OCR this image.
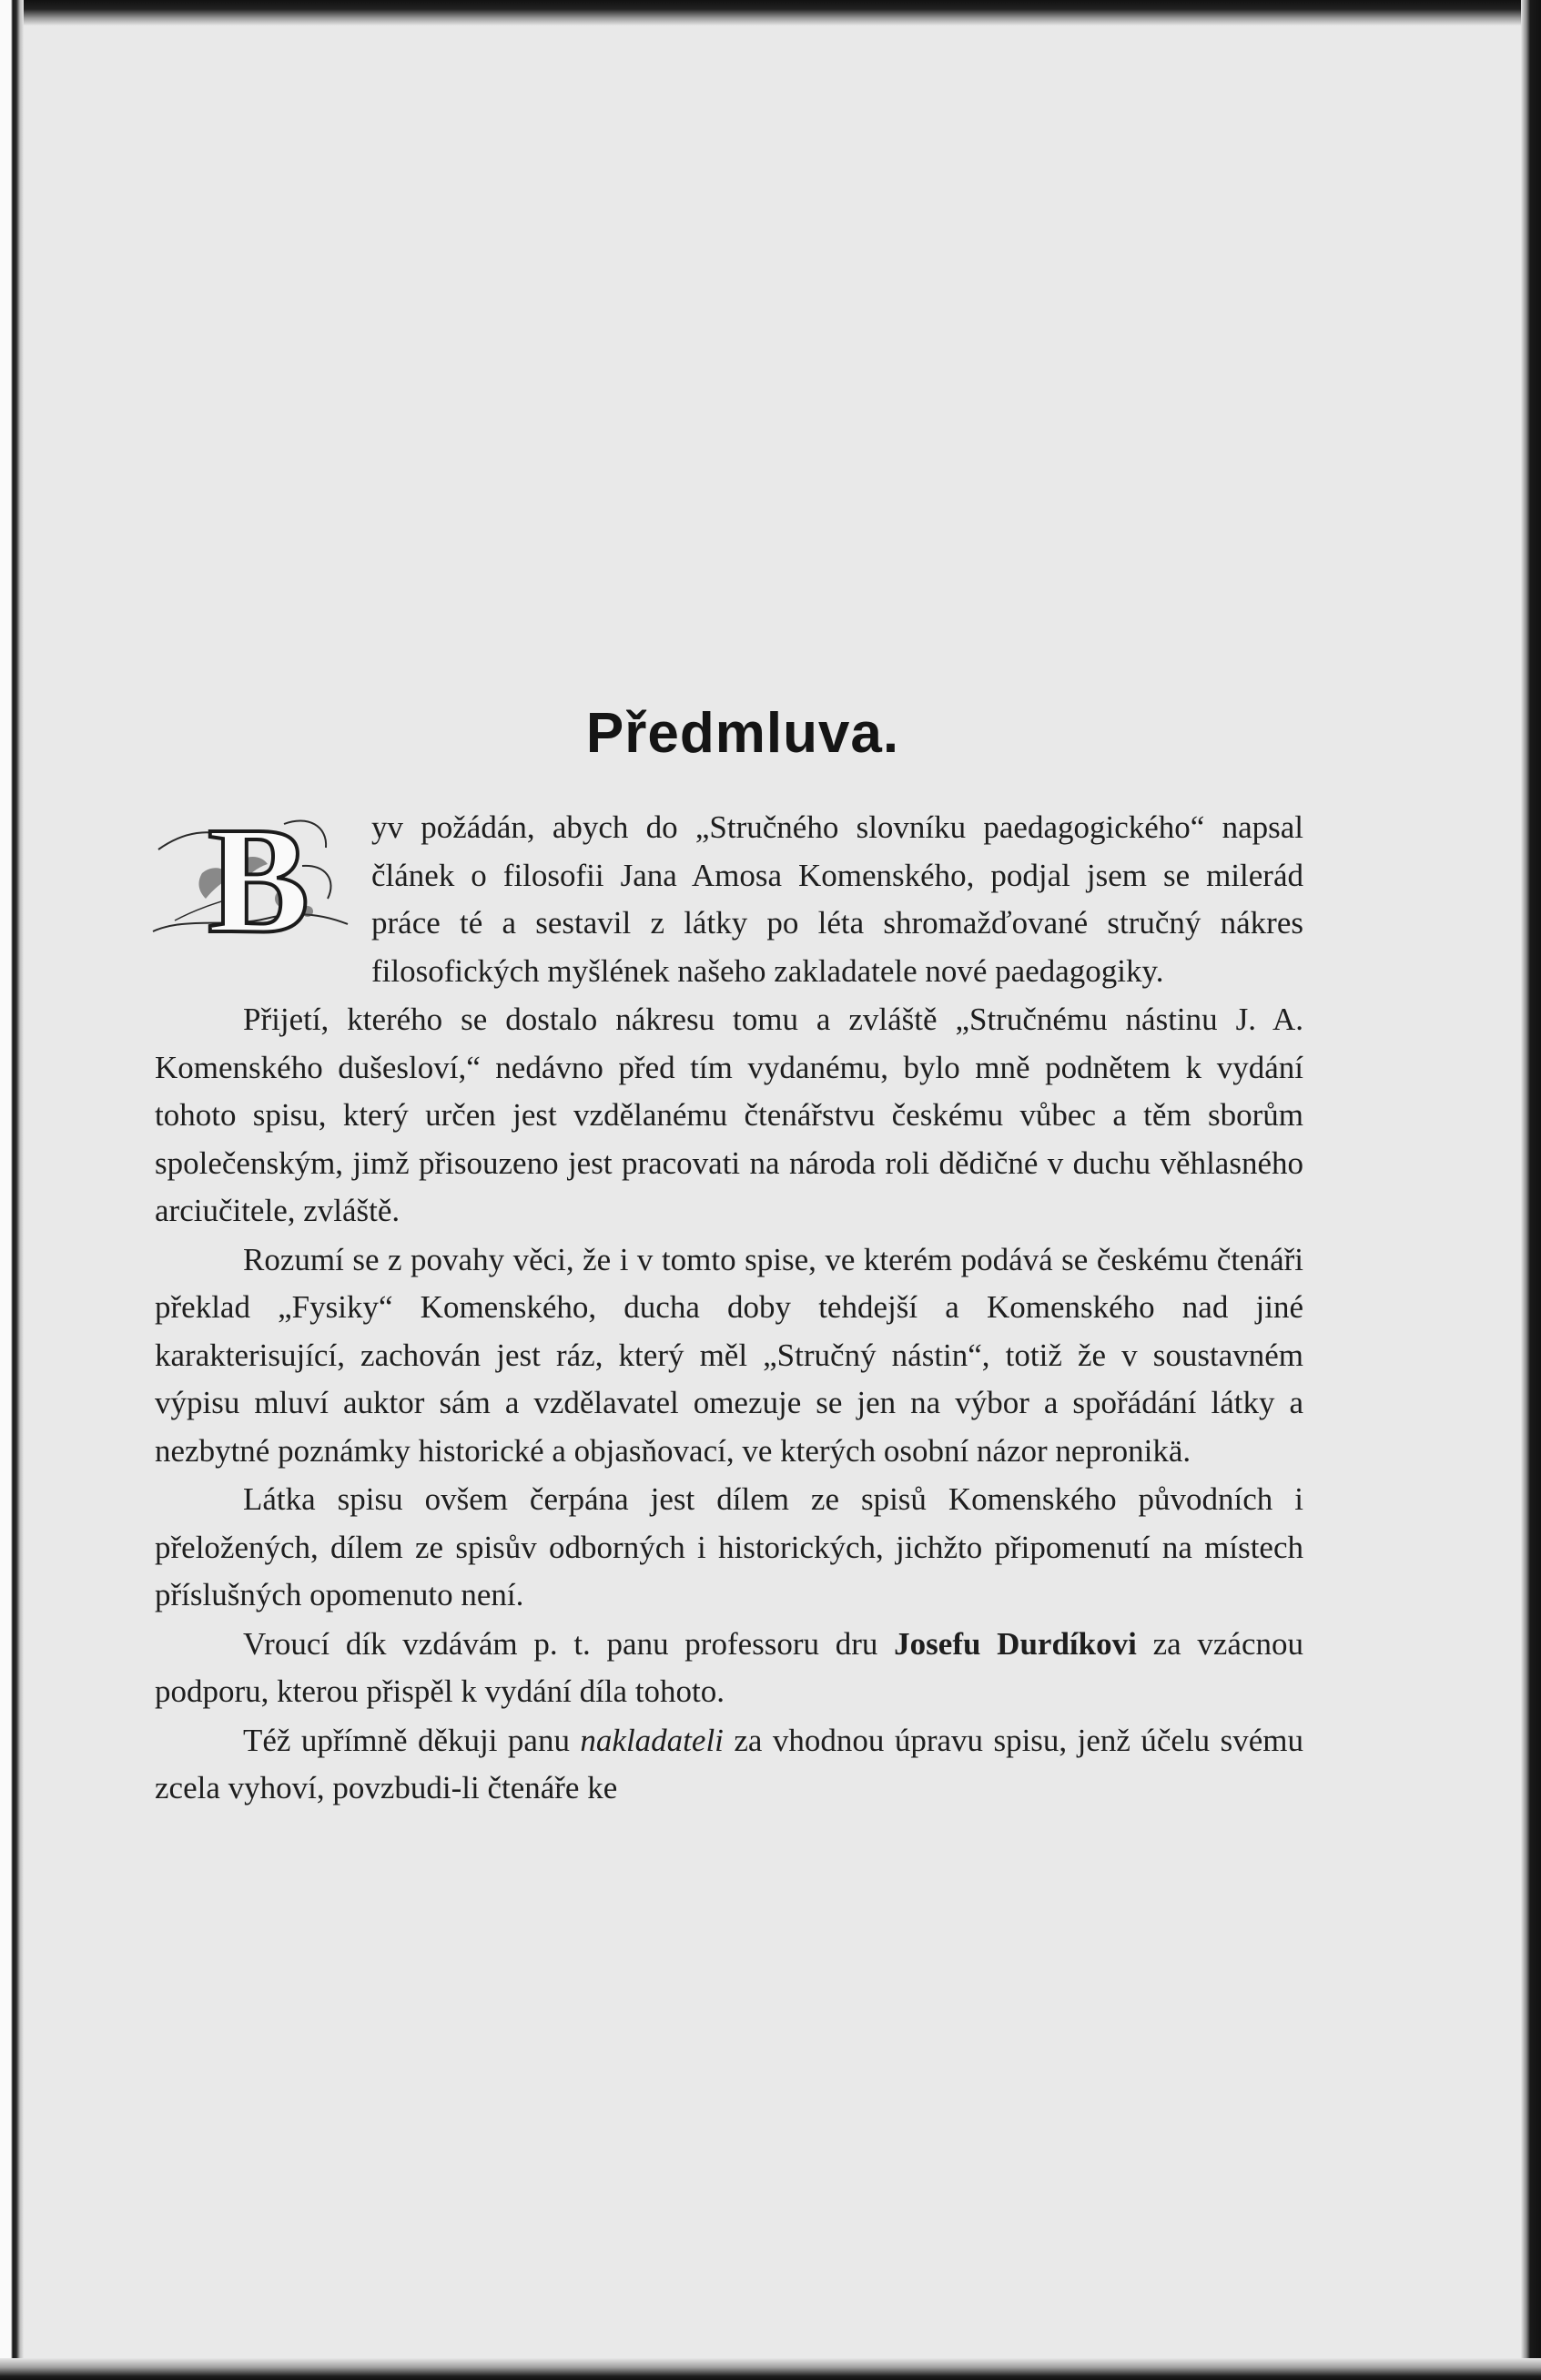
Předmluva.

B yv požádán, abych do „Stručného slovníku paedagogického“ napsal článek o filosofii Jana Amosa Komenského, podjal jsem se milerád práce té a sestavil z látky po léta shromažďované stručný nákres filosofických myšlének našeho zakladatele nové paedagogiky.

Přijetí, kterého se dostalo nákresu tomu a zvláště „Stručnému nástinu J. A. Komenského dušesloví,“ nedávno před tím vydanému, bylo mně podnětem k vydání tohoto spisu, který určen jest vzdělanému čtenářstvu českému vůbec a těm sborům společenským, jimž přisouzeno jest pracovati na národa roli dědičné v duchu věhlasného arciučitele, zvláště.

Rozumí se z povahy věci, že i v tomto spise, ve kterém podává se českému čtenáři překlad „Fysiky“ Komenského, ducha doby tehdejší a Komenského nad jiné karakterisující, zachován jest ráz, který měl „Stručný nástin“, totiž že v soustavném výpisu mluví auktor sám a vzdělavatel omezuje se jen na výbor a spořádání látky a nezbytné poznámky historické a objasňovací, ve kterých osobní názor nepronikä.

Látka spisu ovšem čerpána jest dílem ze spisů Komenského původních i přeložených, dílem ze spisův odborných i historických, jichžto připomenutí na místech příslušných opomenuto není.

Vroucí dík vzdávám p. t. panu professoru dru Josefu Durdíkovi za vzácnou podporu, kterou přispěl k vydání díla tohoto.

Též upřímně děkuji panu nakladateli za vhodnou úpravu spisu, jenž účelu svému zcela vyhoví, povzbudi-li čtenáře ke
